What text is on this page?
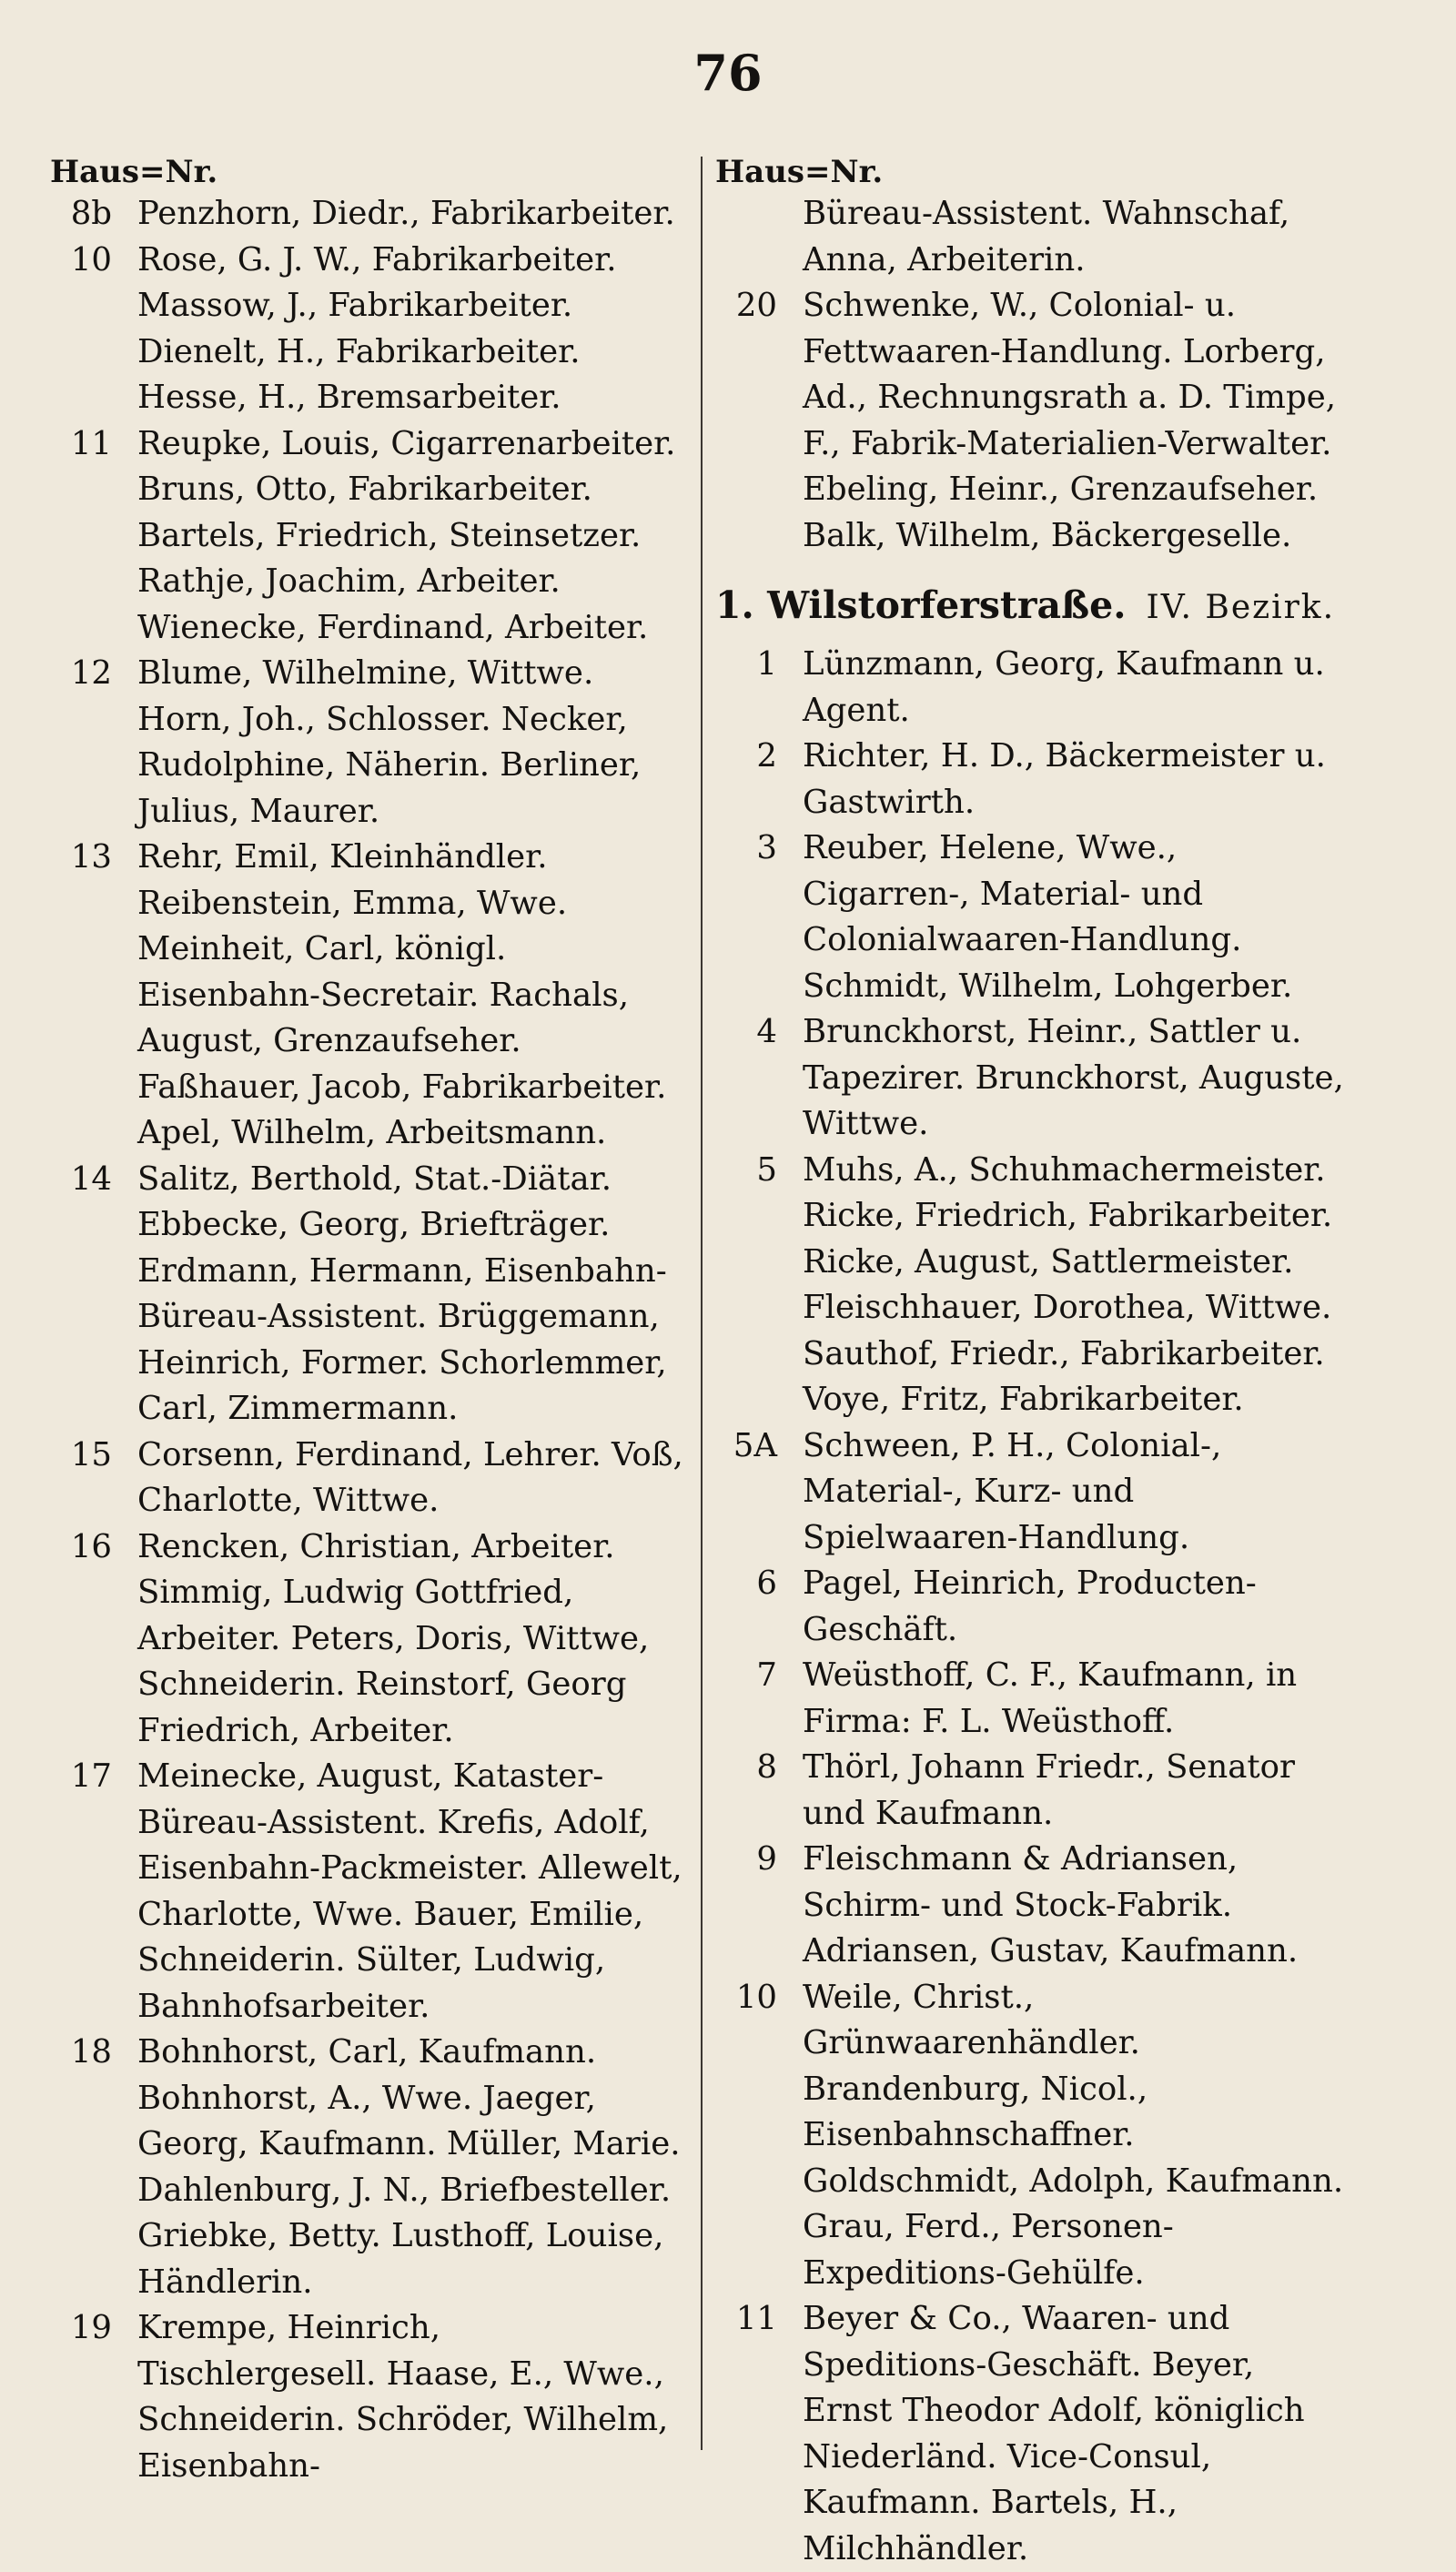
76
Haus=Nr.
8b Penzhorn, Diedr., Fabrikarbeiter.
10 Rose, G. J. W., Fabrikarbeiter. Massow, J., Fabrikarbeiter. Dienelt, H., Fabrikarbeiter. Hesse, H., Bremsarbeiter.
11 Reupke, Louis, Cigarrenarbeiter. Bruns, Otto, Fabrikarbeiter. Bartels, Friedrich, Steinsetzer. Rathje, Joachim, Arbeiter. Wienecke, Ferdinand, Arbeiter.
12 Blume, Wilhelmine, Wittwe. Horn, Joh., Schlosser. Necker, Rudolphine, Näherin. Berliner, Julius, Maurer.
13 Rehr, Emil, Kleinhändler. Reibenstein, Emma, Wwe. Meinheit, Carl, königl. Eisenbahn-Secretair. Rachals, August, Grenzaufseher. Faßhauer, Jacob, Fabrikarbeiter. Apel, Wilhelm, Arbeitsmann.
14 Salitz, Berthold, Stat.-Diätar. Ebbecke, Georg, Briefträger. Erdmann, Hermann, Eisenbahn-Büreau-Assistent. Brüggemann, Heinrich, Former. Schorlemmer, Carl, Zimmermann.
15 Corsenn, Ferdinand, Lehrer. Voß, Charlotte, Wittwe.
16 Rencken, Christian, Arbeiter. Simmig, Ludwig Gottfried, Arbeiter. Peters, Doris, Wittwe, Schneiderin. Reinstorf, Georg Friedrich, Arbeiter.
17 Meinecke, August, Kataster-Büreau-Assistent. Krefis, Adolf, Eisenbahn-Packmeister. Allewelt, Charlotte, Wwe. Bauer, Emilie, Schneiderin. Sülter, Ludwig, Bahnhofsarbeiter.
18 Bohnhorst, Carl, Kaufmann. Bohnhorst, A., Wwe. Jaeger, Georg, Kaufmann. Müller, Marie. Dahlenburg, J. N., Briefbesteller. Griebke, Betty. Lusthoff, Louise, Händlerin.
19 Krempe, Heinrich, Tischlergesell. Haase, E., Wwe., Schneiderin. Schröder, Wilhelm, Eisenbahn-
Haus=Nr.
Büreau-Assistent. Wahnschaf, Anna, Arbeiterin.
20 Schwenke, W., Colonial- u. Fettwaaren-Handlung. Lorberg, Ad., Rechnungsrath a. D. Timpe, F., Fabrik-Materialien-Verwalter. Ebeling, Heinr., Grenzaufseher. Balk, Wilhelm, Bäckergeselle.
1. Wilstorferstraße. IV. Bezirk.
1 Lünzmann, Georg, Kaufmann u. Agent.
2 Richter, H. D., Bäckermeister u. Gastwirth.
3 Reuber, Helene, Wwe., Cigarren-, Material- und Colonialwaaren-Handlung. Schmidt, Wilhelm, Lohgerber.
4 Brunckhorst, Heinr., Sattler u. Tapezirer. Brunckhorst, Auguste, Wittwe.
5 Muhs, A., Schuhmachermeister. Ricke, Friedrich, Fabrikarbeiter. Ricke, August, Sattlermeister. Fleischhauer, Dorothea, Wittwe. Sauthof, Friedr., Fabrikarbeiter. Voye, Fritz, Fabrikarbeiter.
5A Schween, P. H., Colonial-, Material-, Kurz- und Spielwaaren-Handlung.
6 Pagel, Heinrich, Producten-Geschäft.
7 Weüsthoff, C. F., Kaufmann, in Firma: F. L. Weüsthoff.
8 Thörl, Johann Friedr., Senator und Kaufmann.
9 Fleischmann & Adriansen, Schirm- und Stock-Fabrik. Adriansen, Gustav, Kaufmann.
10 Weile, Christ., Grünwaarenhändler. Brandenburg, Nicol., Eisenbahnschaffner. Goldschmidt, Adolph, Kaufmann. Grau, Ferd., Personen-Expeditions-Gehülfe.
11 Beyer & Co., Waaren- und Speditions-Geschäft. Beyer, Ernst Theodor Adolf, königlich Niederländ. Vice-Consul, Kaufmann. Bartels, H., Milchhändler.
